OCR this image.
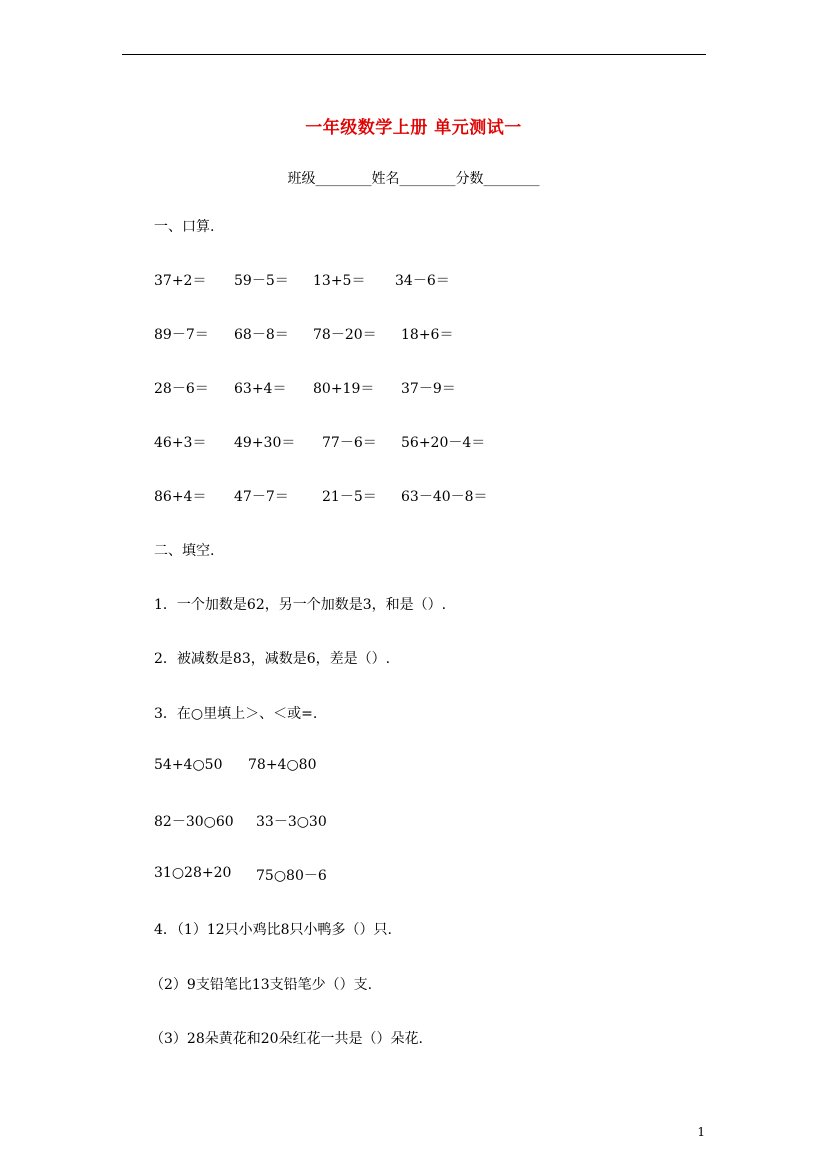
一年级数学上册 单元测试一
班级________姓名________分数________
一、口算.
37+2＝ 59－5＝ 13+5＝ 34－6＝
89－7＝ 68－8＝ 78－20＝ 18+6＝
28－6＝ 63+4＝ 80+19＝ 37－9＝
46+3＝ 49+30＝ 77－6＝ 56+20－4＝
86+4＝ 47－7＝ 21－5＝ 63－40－8＝
二、填空.
1．一个加数是62，另一个加数是3，和是（）.
2．被减数是83，减数是6，差是（）.
3．在○里填上＞、＜或=.
54+4○50 78+4○80
82－30○60 33－3○30
31○28+20 75○80－6
4．（1）12只小鸡比8只小鸭多（）只.
（2）9支铅笔比13支铅笔少（）支.
（3）28朵黄花和20朵红花一共是（）朵花.
1
